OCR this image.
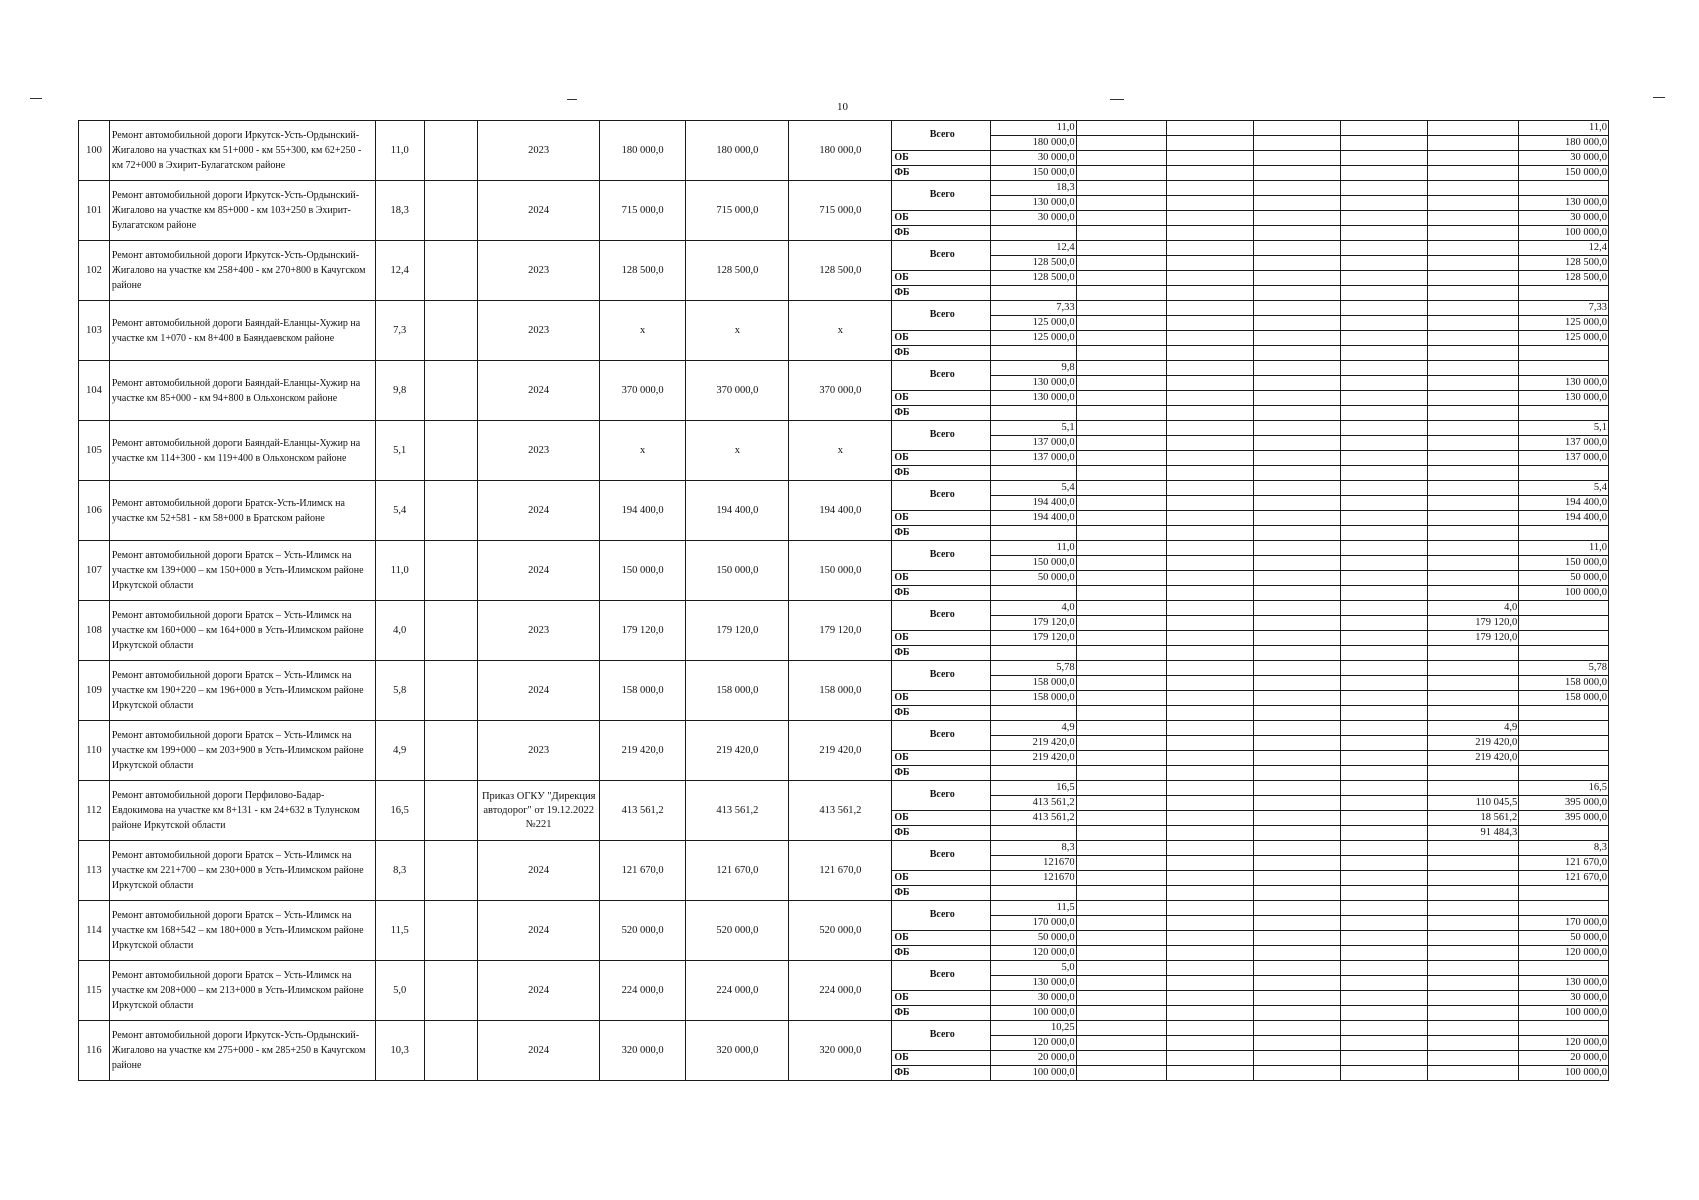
10
100	Ремонт автомобильной дороги Иркутск-Усть-Ордынский-Жигалово на участках км 51+000 - км 55+300, км 62+250 - км 72+000 в Эхирит-Булагатском районе	11,0		2023	180 000,0	180 000,0	180 000,0	Всего	11,0						11,0
									180 000,0						180 000,0
								ОБ	30 000,0						30 000,0
								ФБ	150 000,0						150 000,0
101	Ремонт автомобильной дороги Иркутск-Усть-Ордынский-Жигалово на участке км 85+000 - км 103+250 в Эхирит-Булагатском районе	18,3		2024	715 000,0	715 000,0	715 000,0	Всего	18,3						
									130 000,0						130 000,0
								ОБ	30 000,0						30 000,0
								ФБ							100 000,0
102	Ремонт автомобильной дороги Иркутск-Усть-Ордынский-Жигалово на участке км 258+400 - км 270+800 в Качугском районе	12,4		2023	128 500,0	128 500,0	128 500,0	Всего	12,4						12,4
									128 500,0						128 500,0
								ОБ	128 500,0						128 500,0
								ФБ							
103	Ремонт автомобильной дороги Баяндай-Еланцы-Хужир на участке км 1+070 - км 8+400 в Баяндаевском районе	7,3		2023	x	x	x	Всего	7,33						7,33
									125 000,0						125 000,0
								ОБ	125 000,0						125 000,0
								ФБ							
104	Ремонт автомобильной дороги Баяндай-Еланцы-Хужир на участке км 85+000 - км 94+800 в Ольхонском районе	9,8		2024	370 000,0	370 000,0	370 000,0	Всего	9,8						
									130 000,0						130 000,0
								ОБ	130 000,0						130 000,0
								ФБ							
105	Ремонт автомобильной дороги Баяндай-Еланцы-Хужир на участке км 114+300 - км 119+400 в Ольхонском районе	5,1		2023	x	x	x	Всего	5,1						5,1
									137 000,0						137 000,0
								ОБ	137 000,0						137 000,0
								ФБ							
106	Ремонт автомобильной дороги Братск-Усть-Илимск на участке км 52+581 - км 58+000 в Братском районе	5,4		2024	194 400,0	194 400,0	194 400,0	Всего	5,4						5,4
									194 400,0						194 400,0
								ОБ	194 400,0						194 400,0
								ФБ							
107	Ремонт автомобильной дороги Братск – Усть-Илимск на участке км 139+000 – км 150+000 в Усть-Илимском районе Иркутской области	11,0		2024	150 000,0	150 000,0	150 000,0	Всего	11,0						11,0
									150 000,0						150 000,0
								ОБ	50 000,0						50 000,0
								ФБ							100 000,0
108	Ремонт автомобильной дороги Братск – Усть-Илимск на участке км 160+000 – км 164+000 в Усть-Илимском районе Иркутской области	4,0		2023	179 120,0	179 120,0	179 120,0	Всего	4,0					4,0	
									179 120,0					179 120,0	
								ОБ	179 120,0					179 120,0	
								ФБ							
109	Ремонт автомобильной дороги Братск – Усть-Илимск на участке км 190+220 – км 196+000 в Усть-Илимском районе Иркутской области	5,8		2024	158 000,0	158 000,0	158 000,0	Всего	5,78						5,78
									158 000,0						158 000,0
								ОБ	158 000,0						158 000,0
								ФБ							
110	Ремонт автомобильной дороги Братск – Усть-Илимск на участке км 199+000 – км 203+900 в Усть-Илимском районе Иркутской области	4,9		2023	219 420,0	219 420,0	219 420,0	Всего	4,9					4,9	
									219 420,0					219 420,0	
								ОБ	219 420,0					219 420,0	
								ФБ							
112	Ремонт автомобильной дороги Перфилово-Бадар-Евдокимова на участке км 8+131 - км 24+632 в Тулунском районе Иркутской области	16,5		Приказ ОГКУ "Дирекция автодорог" от 19.12.2022 №221	413 561,2	413 561,2	413 561,2	Всего	16,5						16,5
									413 561,2					110 045,5	395 000,0
								ОБ	413 561,2					18 561,2	395 000,0
								ФБ						91 484,3	
113	Ремонт автомобильной дороги Братск – Усть-Илимск на участке км 221+700 – км 230+000 в Усть-Илимском районе Иркутской области	8,3		2024	121 670,0	121 670,0	121 670,0	Всего	8,3						8,3
									121670						121 670,0
								ОБ	121670						121 670,0
								ФБ							
114	Ремонт автомобильной дороги Братск – Усть-Илимск на участке км 168+542 – км 180+000 в Усть-Илимском районе Иркутской области	11,5		2024	520 000,0	520 000,0	520 000,0	Всего	11,5						
									170 000,0						170 000,0
								ОБ	50 000,0						50 000,0
								ФБ	120 000,0						120 000,0
115	Ремонт автомобильной дороги Братск – Усть-Илимск на участке км 208+000 – км 213+000 в Усть-Илимском районе Иркутской области	5,0		2024	224 000,0	224 000,0	224 000,0	Всего	5,0						
									130 000,0						130 000,0
								ОБ	30 000,0						30 000,0
								ФБ	100 000,0						100 000,0
116	Ремонт автомобильной дороги Иркутск-Усть-Ордынский-Жигалово на участке км 275+000 - км 285+250 в Качугском районе	10,3		2024	320 000,0	320 000,0	320 000,0	Всего	10,25						
									120 000,0						120 000,0
								ОБ	20 000,0						20 000,0
								ФБ	100 000,0						100 000,0
